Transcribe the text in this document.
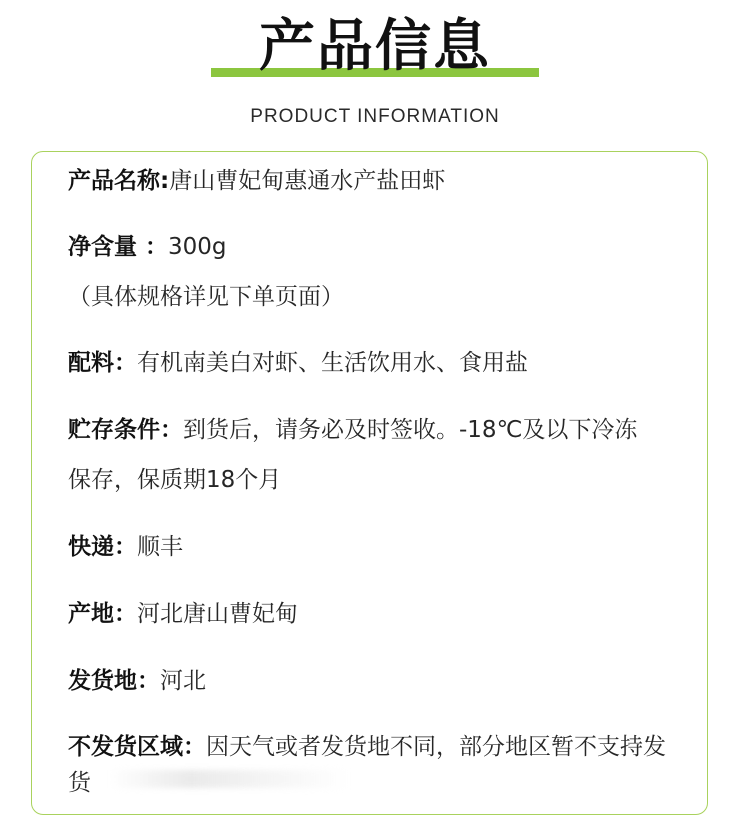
产品信息
PRODUCT INFORMATION
产品名称:唐山曹妃甸惠通水产盐田虾
净含量 ：300g
（具体规格详见下单页面）
配料：有机南美白对虾、生活饮用水、食用盐
贮存条件：到货后，请务必及时签收。-18℃及以下冷冻
保存，保质期18个月
快递：顺丰
产地：河北唐山曹妃甸
发货地：河北
不发货区域：因天气或者发货地不同，部分地区暂不支持发
货
